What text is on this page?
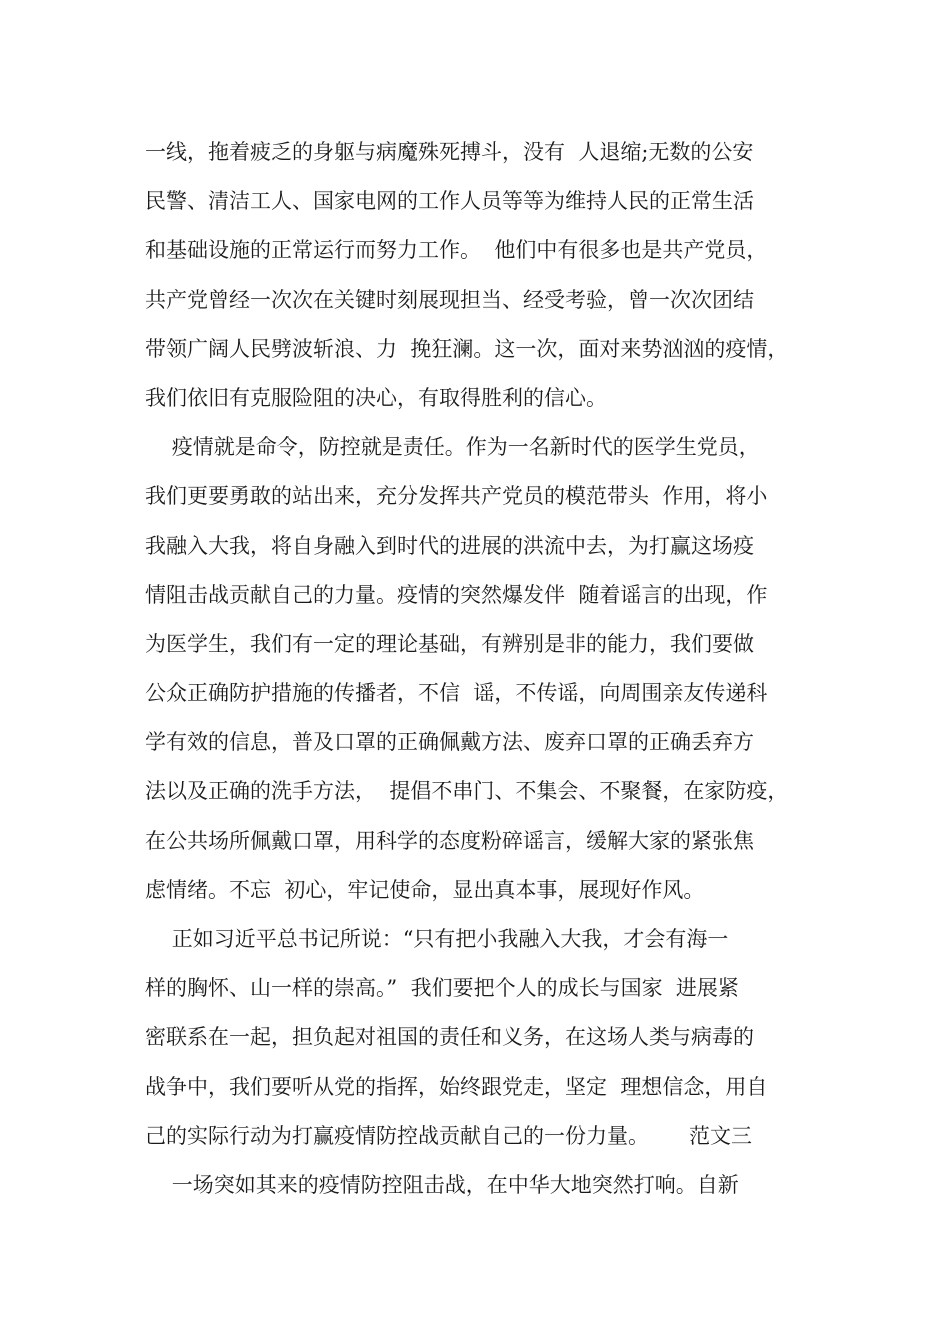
一线，拖着疲乏的身躯与病魔殊死搏斗，没有  人退缩;无数的公安
民警、清洁工人、国家电网的工作人员等等为维持人民的正常生活
和基础设施的正常运行而努力工作。  他们中有很多也是共产党员，
共产党曾经一次次在关键时刻展现担当、经受考验，曾一次次团结
带领广阔人民劈波斩浪、力  挽狂澜。这一次，面对来势汹汹的疫情，
我们依旧有克服险阻的决心，有取得胜利的信心。
疫情就是命令，防控就是责任。作为一名新时代的医学生党员，
我们更要勇敢的站出来，充分发挥共产党员的模范带头  作用，将小
我融入大我，将自身融入到时代的进展的洪流中去，为打赢这场疫
情阻击战贡献自己的力量。疫情的突然爆发伴  随着谣言的出现，作
为医学生，我们有一定的理论基础，有辨别是非的能力，我们要做
公众正确防护措施的传播者，不信  谣，不传谣，向周围亲友传递科
学有效的信息，普及口罩的正确佩戴方法、废弃口罩的正确丢弃方
法以及正确的洗手方法，  提倡不串门、不集会、不聚餐，在家防疫，
在公共场所佩戴口罩，用科学的态度粉碎谣言，缓解大家的紧张焦
虑情绪。不忘  初心，牢记使命，显出真本事，展现好作风。
正如习近平总书记所说：“只有把小我融入大我，才会有海一
样的胸怀、山一样的崇高。”  我们要把个人的成长与国家  进展紧
密联系在一起，担负起对祖国的责任和义务，在这场人类与病毒的
战争中，我们要听从党的指挥，始终跟党走，坚定  理想信念，用自
己的实际行动为打赢疫情防控战贡献自己的一份力量。      范文三
一场突如其来的疫情防控阻击战，在中华大地突然打响。自新
